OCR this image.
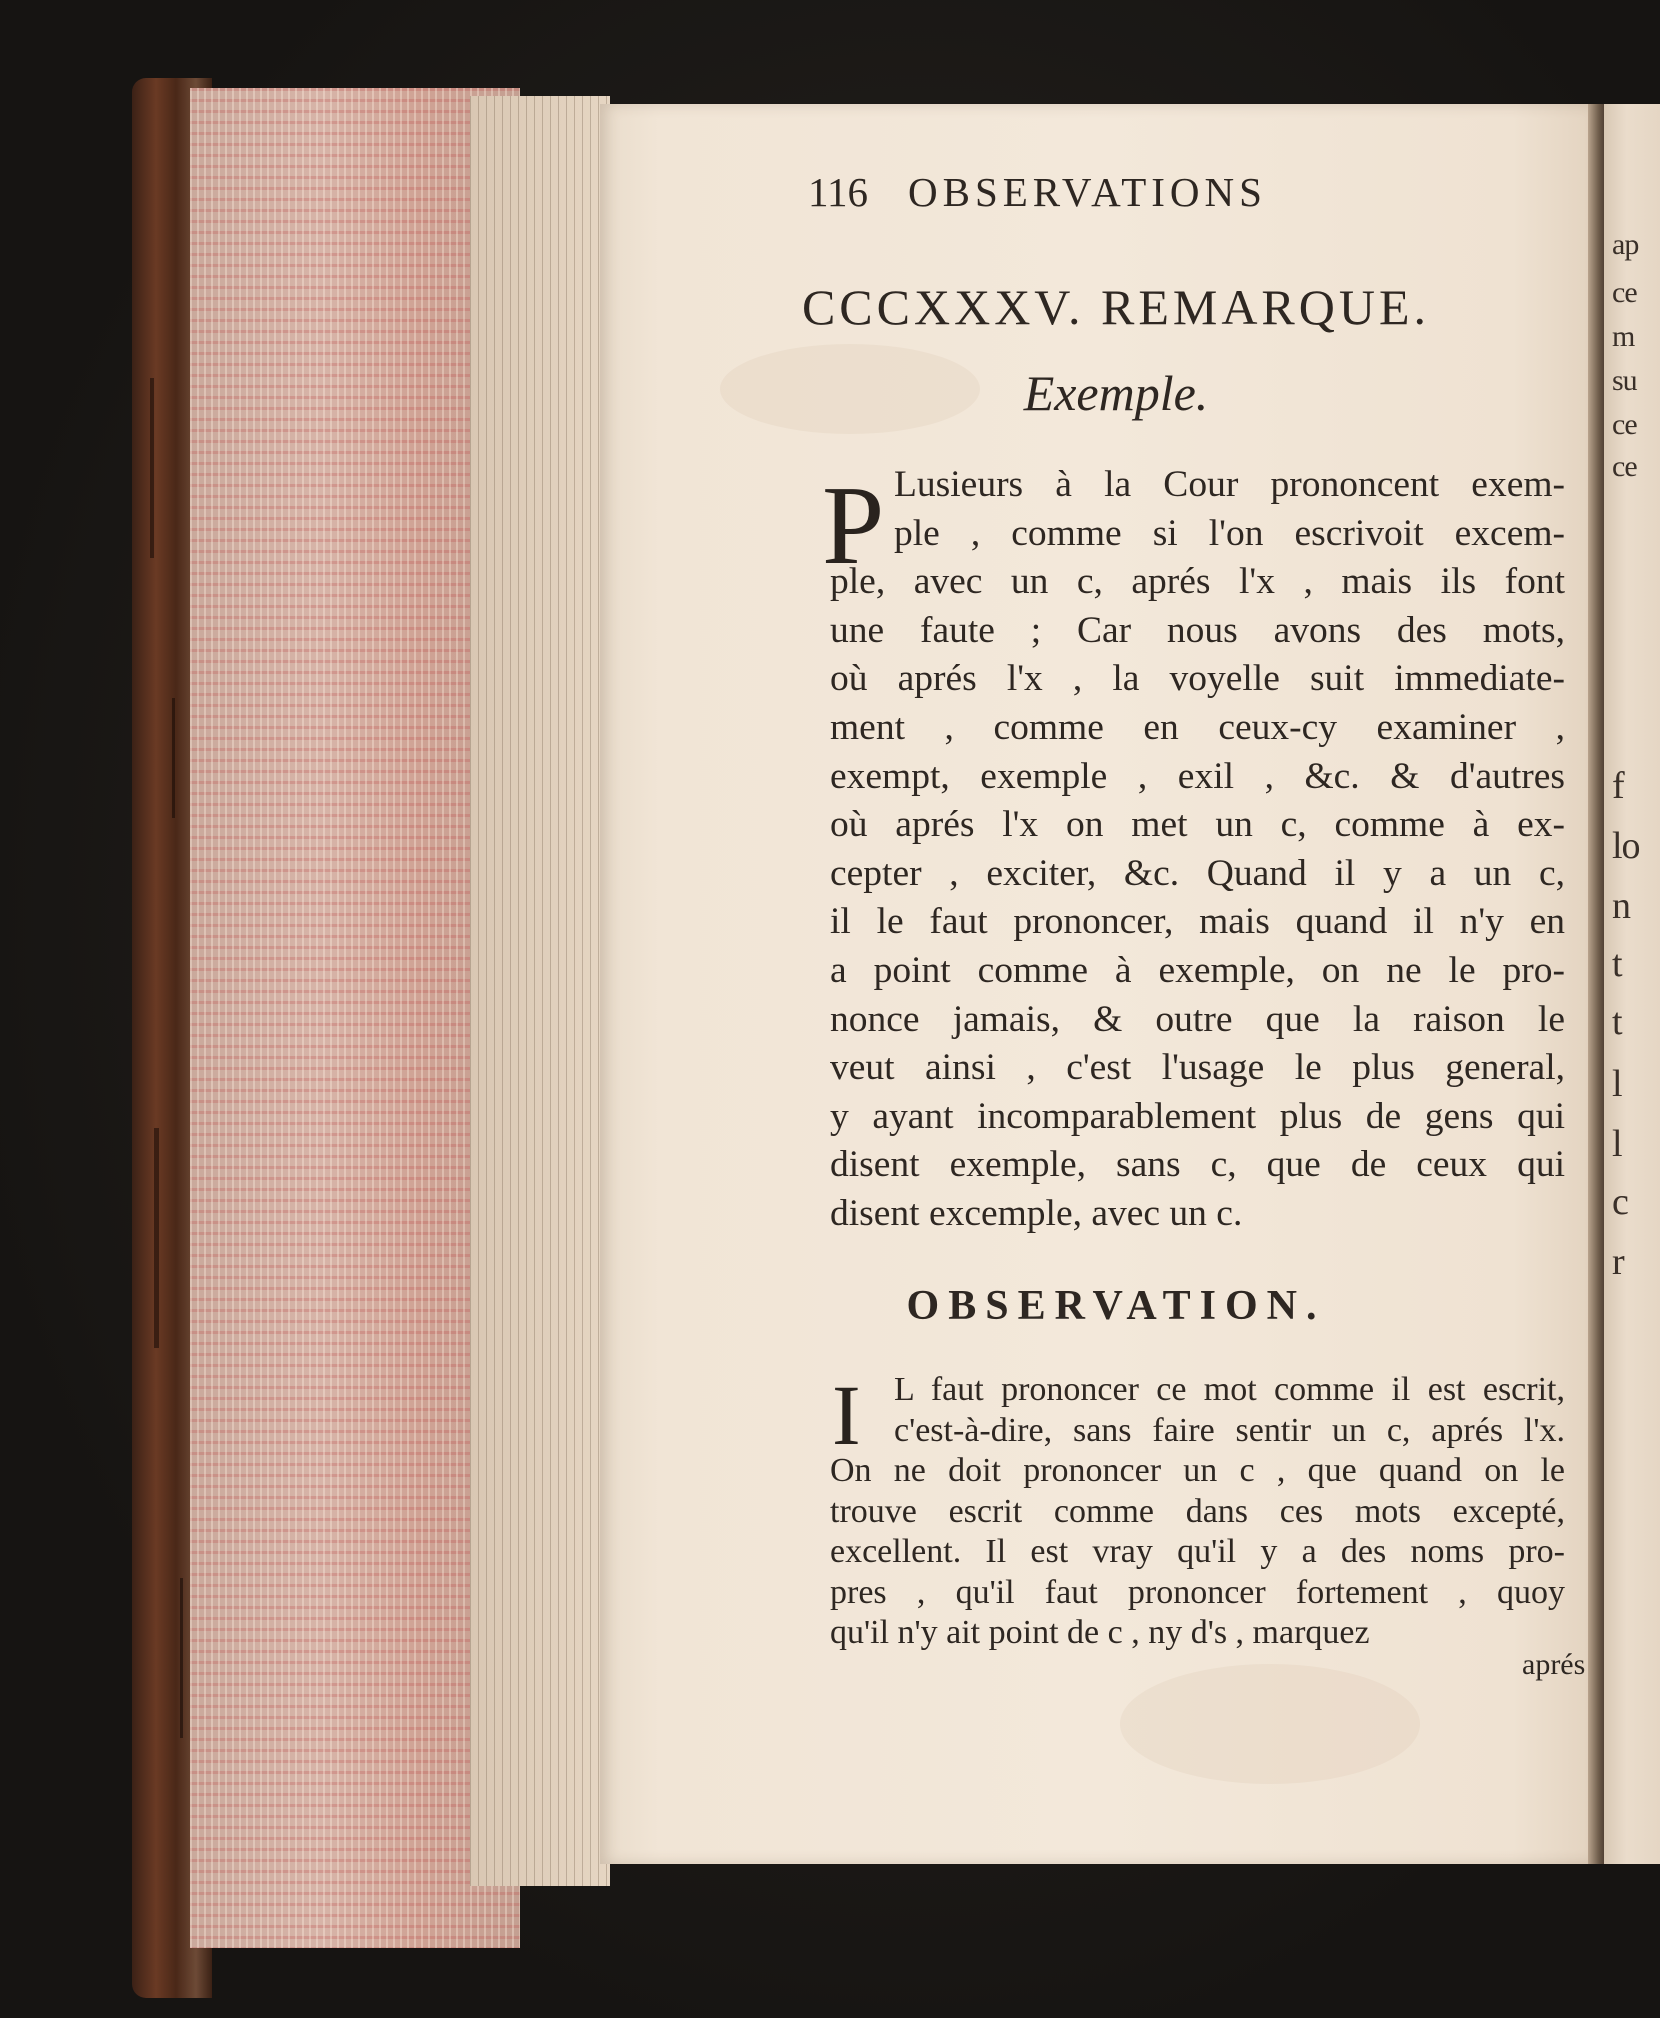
ap
ce
m
su
ce
ce
f
lo
n
t
t
l
l
c
r
116 OBSERVATIONS
CCCXXXV. REMARQUE.
Exemple.
P Lusieurs à la Cour prononcent exem-
ple , comme si l'on escrivoit excem-
ple, avec un c, aprés l'x , mais ils font
une faute ; Car nous avons des mots,
où aprés l'x , la voyelle suit immediate-
ment , comme en ceux-cy examiner ,
exempt, exemple , exil , &c. & d'autres
où aprés l'x on met un c, comme à ex-
cepter , exciter, &c. Quand il y a un c,
il le faut prononcer, mais quand il n'y en
a point comme à exemple, on ne le pro-
nonce jamais, & outre que la raison le
veut ainsi , c'est l'usage le plus general,
y ayant incomparablement plus de gens qui
disent exemple, sans c, que de ceux qui
disent excemple, avec un c.
OBSERVATION.
I L faut prononcer ce mot comme il est escrit,
c'est-à-dire, sans faire sentir un c, aprés l'x.
On ne doit prononcer un c , que quand on le
trouve escrit comme dans ces mots excepté,
excellent. Il est vray qu'il y a des noms pro-
pres , qu'il faut prononcer fortement , quoy
qu'il n'y ait point de c , ny d's , marquez
aprés
